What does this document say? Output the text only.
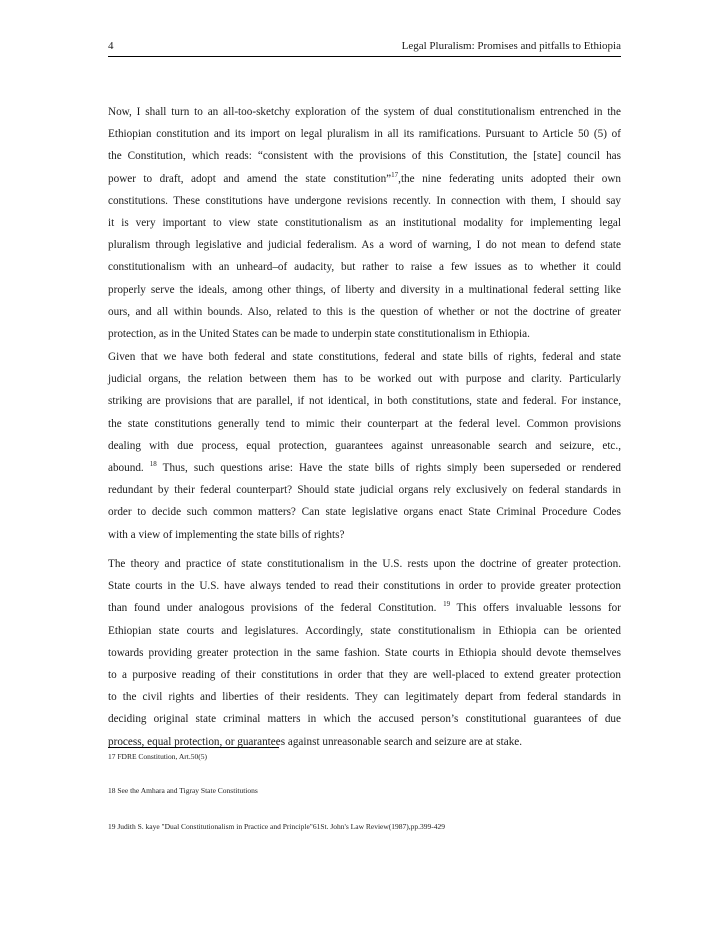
4	Legal Pluralism: Promises and pitfalls to Ethiopia
Now, I shall turn to an all-too-sketchy exploration of the system of dual constitutionalism entrenched in the
Ethiopian constitution and its import on legal pluralism in all its ramifications. Pursuant to Article 50 (5) of
the Constitution, which reads: “consistent with the provisions of this Constitution, the [state] council has
power to draft, adopt and amend the state constitution”$^{17}$,the nine federating units adopted their own
constitutions. These constitutions have undergone revisions recently. In connection with them, I should say
it is very important to view state constitutionalism as an institutional modality for implementing legal
pluralism through legislative and judicial federalism. As a word of warning, I do not mean to defend state
constitutionalism with an unheard–of audacity, but rather to raise a few issues as to whether it could
properly serve the ideals, among other things, of liberty and diversity in a multinational federal setting like
ours, and all within bounds. Also, related to this is the question of whether or not the doctrine of greater
protection, as in the United States can be made to underpin state constitutionalism in Ethiopia.
Given that we have both federal and state constitutions, federal and state bills of rights, federal and state
judicial organs, the relation between them has to be worked out with purpose and clarity. Particularly
striking are provisions that are parallel, if not identical, in both constitutions, state and federal. For instance,
the state constitutions generally tend to mimic their counterpart at the federal level. Common provisions
dealing with due process, equal protection, guarantees against unreasonable search and seizure, etc.,
abound. $^{18}$ Thus, such questions arise: Have the state bills of rights simply been superseded or rendered
redundant by their federal counterpart? Should state judicial organs rely exclusively on federal standards in
order to decide such common matters? Can state legislative organs enact State Criminal Procedure Codes
with a view of implementing the state bills of rights?
The theory and practice of state constitutionalism in the U.S. rests upon the doctrine of greater protection.
State courts in the U.S. have always tended to read their constitutions in order to provide greater protection
than found under analogous provisions of the federal Constitution. $^{19}$ This offers invaluable lessons for
Ethiopian state courts and legislatures. Accordingly, state constitutionalism in Ethiopia can be oriented
towards providing greater protection in the same fashion. State courts in Ethiopia should devote themselves
to a purposive reading of their constitutions in order that they are well-placed to extend greater protection
to the civil rights and liberties of their residents. They can legitimately depart from federal standards in
deciding original state criminal matters in which the accused person’s constitutional guarantees of due
process, equal protection, or guarantees against unreasonable search and seizure are at stake.

17 FDRE Constitution, Art.50(5)

18 See the Amhara and Tigray State Constitutions

19 Judith S. kaye "Dual Constitutionalism in Practice and Principle"61St. John's Law Review(1987),pp.399-429
